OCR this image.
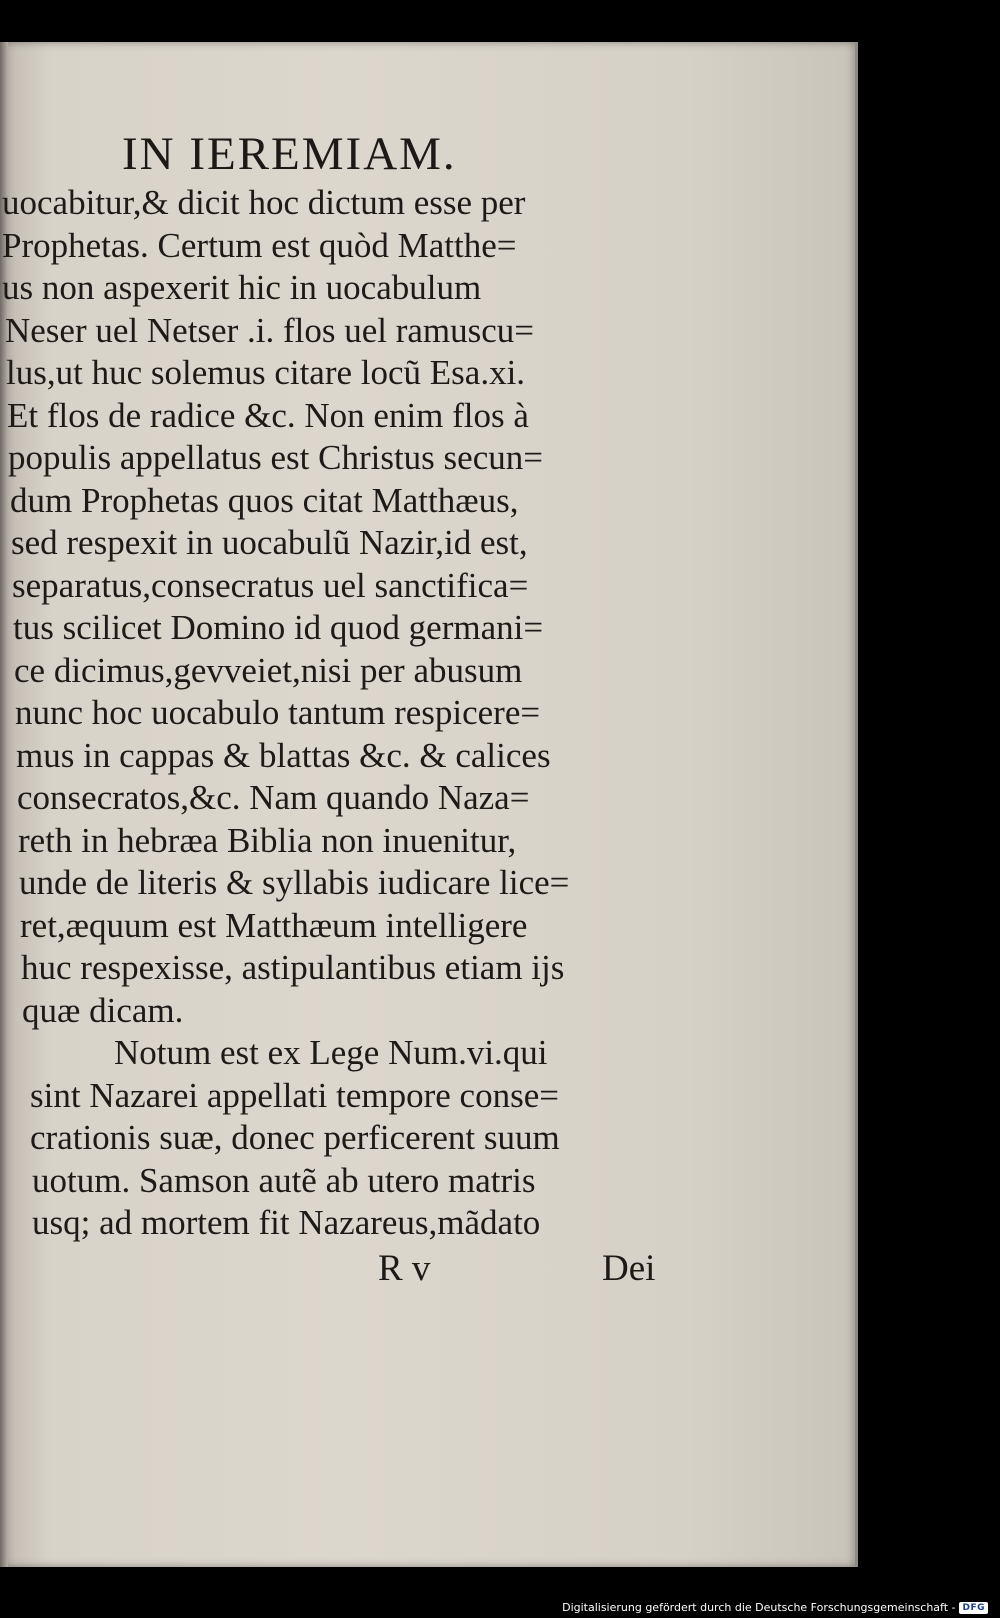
IN IEREMIAM.
uocabitur,& dicit hoc dictum esse per
Prophetas. Certum est quòd Matthe=
us non aspexerit hic in uocabulum
Neser uel Netser .i. flos uel ramuscu=
lus,ut huc solemus citare locũ Esa.xi.
Et flos de radice &c. Non enim flos à
populis appellatus est Christus secun=
dum Prophetas quos citat Matthæus,
sed respexit in uocabulũ Nazir,id est,
separatus,consecratus uel sanctifica=
tus scilicet Domino id quod germani=
ce dicimus,gevveiet,nisi per abusum
nunc hoc uocabulo tantum respicere=
mus in cappas & blattas &c. & calices
consecratos,&c. Nam quando Naza=
reth in hebræa Biblia non inuenitur,
unde de literis & syllabis iudicare lice=
ret,æquum est Matthæum intelligere
huc respexisse, astipulantibus etiam ijs
quæ dicam.
Notum est ex Lege Num.vi.qui
sint Nazarei appellati tempore conse=
crationis suæ, donec perficerent suum
uotum. Samson autẽ ab utero matris
usq; ad mortem fit Nazareus,mãdato
R v	Dei
Digitalisierung gefördert durch die Deutsche Forschungsgemeinschaft - DFG
